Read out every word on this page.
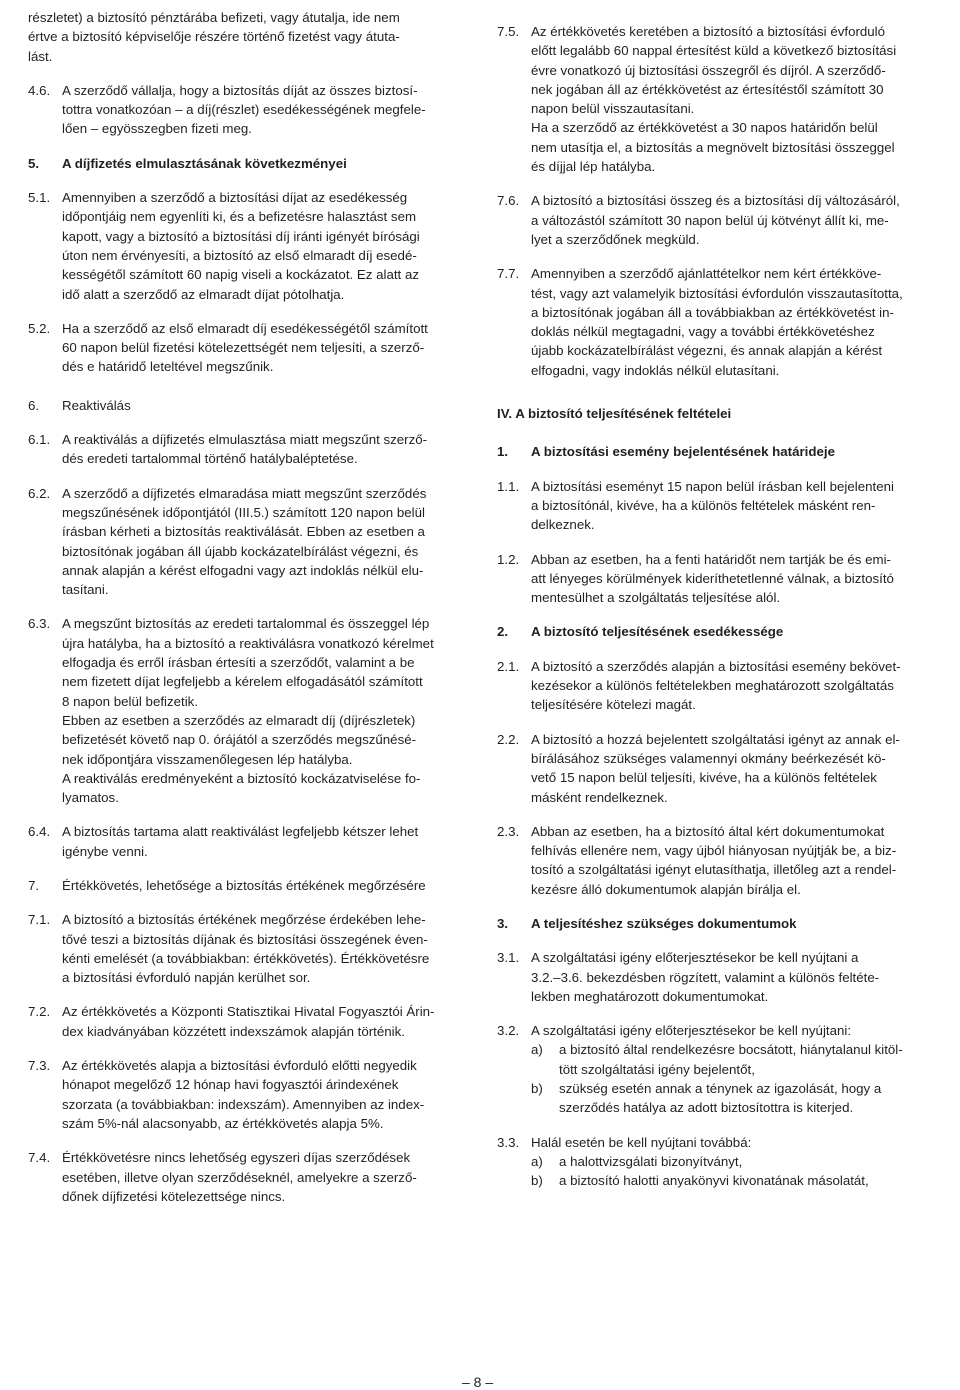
részletet) a biztosító pénztárába befizeti, vagy átutalja, ide nem
értve a biztosító képviselője részére történő fizetést vagy átuta-
lást.
4.6. A szerződő vállalja, hogy a biztosítás díját az összes biztosí-
tottra vonatkozóan – a díj(részlet) esedékességének megfele-
lően – egyösszegben fizeti meg.
5.	A díjfizetés elmulasztásának következményei
5.1. Amennyiben a szerződő a biztosítási díjat az esedékesség
időpontjáig nem egyenlíti ki, és a befizetésre halasztást sem
kapott, vagy a biztosító a biztosítási díj iránti igényét bírósági
úton nem érvényesíti, a biztosító az első elmaradt díj esedé-
kességétől számított 60 napig viseli a kockázatot. Ez alatt az
idő alatt a szerződő az elmaradt díjat pótolhatja.
5.2. Ha a szerződő az első elmaradt díj esedékességétől számított
60 napon belül fizetési kötelezettségét nem teljesíti, a szerző-
dés e határidő leteltével megszűnik.
6.	Reaktiválás
6.1. A reaktiválás a díjfizetés elmulasztása miatt megszűnt szerző-
dés eredeti tartalommal történő hatálybaléptetése.
6.2. A szerződő a díjfizetés elmaradása miatt megszűnt szerződés
megszűnésének időpontjától (III.5.) számított 120 napon belül
írásban kérheti a biztosítás reaktiválását. Ebben az esetben a
biztosítónak jogában áll újabb kockázatelbírálást végezni, és
annak alapján a kérést elfogadni vagy azt indoklás nélkül elu-
tasítani.
6.3. A megszűnt biztosítás az eredeti tartalommal és összeggel lép
újra hatályba, ha a biztosító a reaktiválásra vonatkozó kérelmet
elfogadja és erről írásban értesíti a szerződőt, valamint a be
nem fizetett díjat legfeljebb a kérelem elfogadásától számított
8 napon belül befizetik.
Ebben az esetben a szerződés az elmaradt díj (díjrészletek)
befizetését követő nap 0. órájától a szerződés megszűnésé-
nek időpontjára visszamenőlegesen lép hatályba.
A reaktiválás eredményeként a biztosító kockázatviselése fo-
lyamatos.
6.4. A biztosítás tartama alatt reaktiválást legfeljebb kétszer lehet
igénybe venni.
7.	Értékkövetés, lehetősége a biztosítás értékének megőrzésére
7.1. A biztosító a biztosítás értékének megőrzése érdekében lehe-
tővé teszi a biztosítás díjának és biztosítási összegének éven-
kénti emelését (a továbbiakban: értékkövetés). Értékkövetésre
a biztosítási évforduló napján kerülhet sor.
7.2. Az értékkövetés a Központi Statisztikai Hivatal Fogyasztói Árin-
dex kiadványában közzétett indexszámok alapján történik.
7.3. Az értékkövetés alapja a biztosítási évforduló előtti negyedik
hónapot megelőző 12 hónap havi fogyasztói árindexének
szorzata (a továbbiakban: indexszám). Amennyiben az index-
szám 5%-nál alacsonyabb, az értékkövetés alapja 5%.
7.4. Értékkövetésre nincs lehetőség egyszeri díjas szerződések
esetében, illetve olyan szerződéseknél, amelyekre a szerző-
dőnek díjfizetési kötelezettsége nincs.
7.5. Az értékkövetés keretében a biztosító a biztosítási évforduló
előtt legalább 60 nappal értesítést küld a következő biztosítási
évre vonatkozó új biztosítási összegről és díjról. A szerződő-
nek jogában áll az értékkövetést az értesítéstől számított 30
napon belül visszautasítani.
Ha a szerződő az értékkövetést a 30 napos határidőn belül
nem utasítja el, a biztosítás a megnövelt biztosítási összeggel
és díjjal lép hatályba.
7.6. A biztosító a biztosítási összeg és a biztosítási díj változásáról,
a változástól számított 30 napon belül új kötvényt állít ki, me-
lyet a szerződőnek megküld.
7.7. Amennyiben a szerződő ajánlattételkor nem kért értékköve-
tést, vagy azt valamelyik biztosítási évfordulón visszautasította,
a biztosítónak jogában áll a továbbiakban az értékkövetést in-
doklás nélkül megtagadni, vagy a további értékkövetéshez
újabb kockázatelbírálást végezni, és annak alapján a kérést
elfogadni, vagy indoklás nélkül elutasítani.
IV. A biztosító teljesítésének feltételei
1.	A biztosítási esemény bejelentésének határideje
1.1. A biztosítási eseményt 15 napon belül írásban kell bejelenteni
a biztosítónál, kivéve, ha a különös feltételek másként ren-
delkeznek.
1.2. Abban az esetben, ha a fenti határidőt nem tartják be és emi-
att lényeges körülmények kideríthetetlenné válnak, a biztosító
mentesülhet a szolgáltatás teljesítése alól.
2.	A biztosító teljesítésének esedékessége
2.1. A biztosító a szerződés alapján a biztosítási esemény bekövet-
kezésekor a különös feltételekben meghatározott szolgáltatás
teljesítésére kötelezi magát.
2.2. A biztosító a hozzá bejelentett szolgáltatási igényt az annak el-
bírálásához szükséges valamennyi okmány beérkezését kö-
vető 15 napon belül teljesíti, kivéve, ha a különös feltételek
másként rendelkeznek.
2.3. Abban az esetben, ha a biztosító által kért dokumentumokat
felhívás ellenére nem, vagy újból hiányosan nyújtják be, a biz-
tosító a szolgáltatási igényt elutasíthatja, illetőleg azt a rendel-
kezésre álló dokumentumok alapján bírálja el.
3.	A teljesítéshez szükséges dokumentumok
3.1. A szolgáltatási igény előterjesztésekor be kell nyújtani a
3.2.–3.6. bekezdésben rögzített, valamint a különös feltéte-
lekben meghatározott dokumentumokat.
3.2. A szolgáltatási igény előterjesztésekor be kell nyújtani:
a)	a biztosító által rendelkezésre bocsátott, hiánytalanul kitöl-
tött szolgáltatási igény bejelentőt,
b)	szükség esetén annak a ténynek az igazolását, hogy a
szerződés hatálya az adott biztosítottra is kiterjed.
3.3. Halál esetén be kell nyújtani továbbá:
a)	a halottvizsgálati bizonyítványt,
b)	a biztosító halotti anyakönyvi kivonatának másolatát,
– 8 –
